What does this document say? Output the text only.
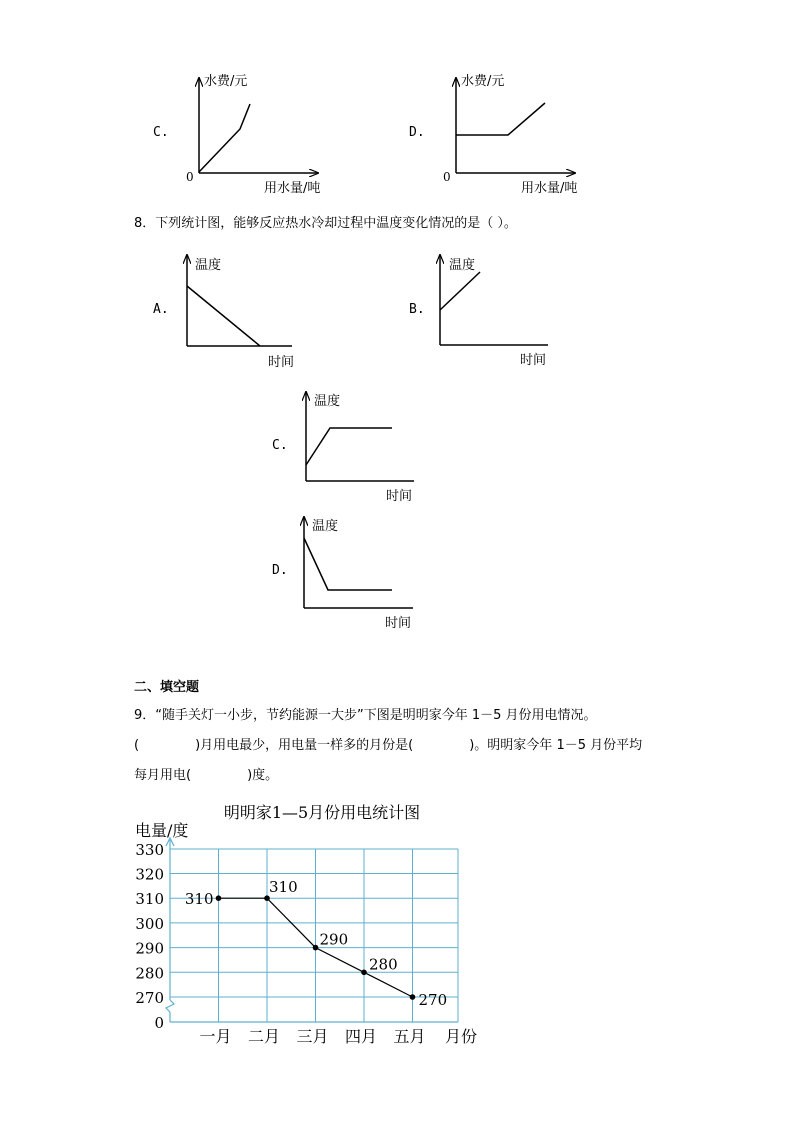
明明家1—5月份用电统计图
电量/度
月份
0
270
280
290
300
310
320
330
一月 二月 三月 四月 五月
310
310
290
280
270
C.
水费/元
用水量/吨
0
D.
水费/元
用水量/吨
0
8．下列统计图，能够反应热水冷却过程中温度变化情况的是（ ）。
A.
温度
时间
B.
温度
时间
C.
温度
时间
D.
温度
时间
二、填空题
9．“随手关灯一小步，节约能源一大步”下图是明明家今年 1－5 月份用电情况。
(	)月用电最少，用电量一样多的月份是(	)。明明家今年 1－5 月份平均
每月用电(	)度。
